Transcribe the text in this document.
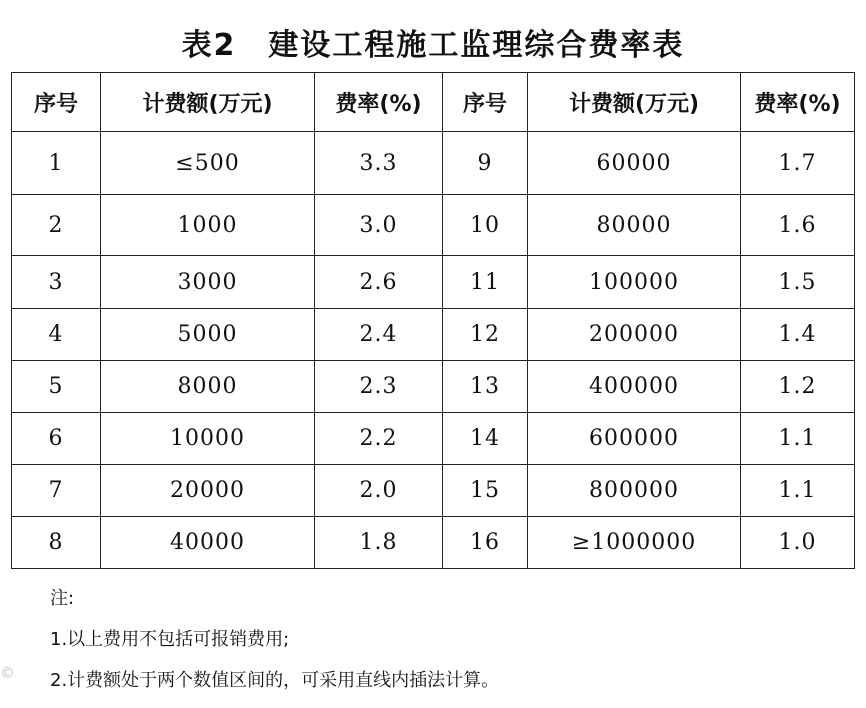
表2　建设工程施工监理综合费率表
序号	计费额(万元)	费率(%)	序号	计费额(万元)	费率(%)
1	≤500	3.3	9	60000	1.7
2	1000	3.0	10	80000	1.6
3	3000	2.6	11	100000	1.5
4	5000	2.4	12	200000	1.4
5	8000	2.3	13	400000	1.2
6	10000	2.2	14	600000	1.1
7	20000	2.0	15	800000	1.1
8	40000	1.8	16	≥1000000	1.0
注:
1.以上费用不包括可报销费用;
2.计费额处于两个数值区间的，可采用直线内插法计算。
©
